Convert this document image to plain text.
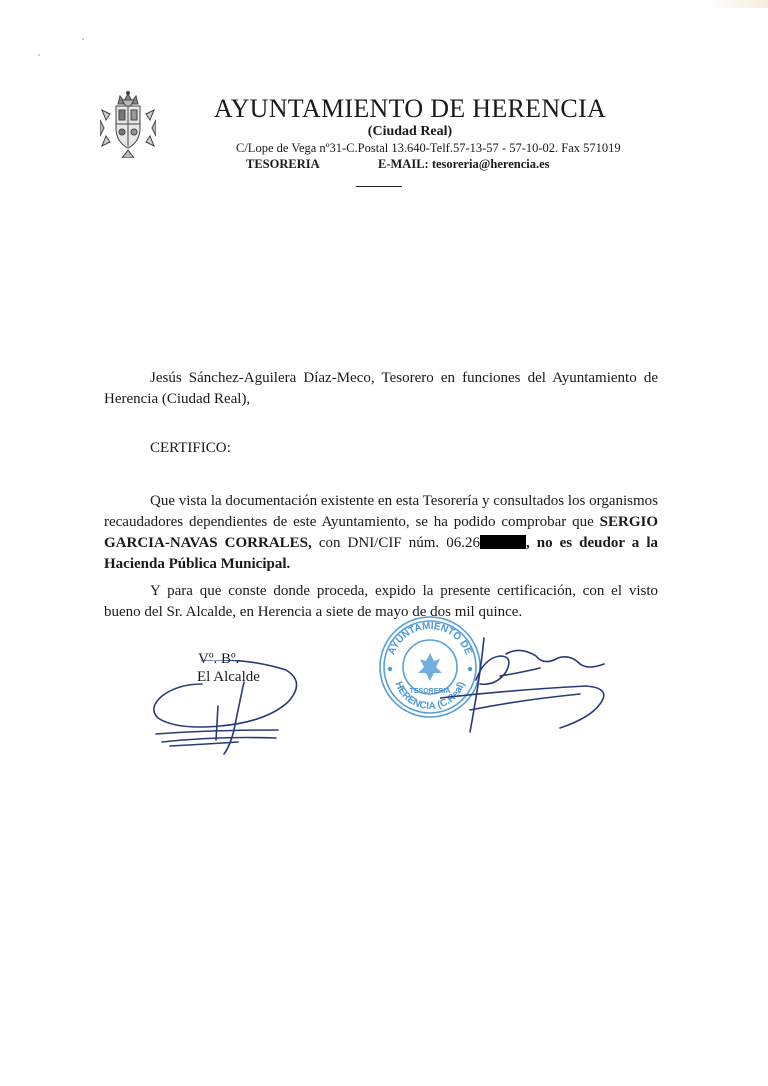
AYUNTAMIENTO DE HERENCIA
(Ciudad Real)
C/Lope de Vega nº31-C.Postal 13.640-Telf.57-13-57 - 57-10-02. Fax 571019
TESORERIA	E-MAIL: tesoreria@herencia.es
Jesús Sánchez-Aguilera Díaz-Meco, Tesorero en funciones del Ayuntamiento de Herencia (Ciudad Real),
CERTIFICO:
Que vista la documentación existente en esta Tesorería y consultados los organismos recaudadores dependientes de este Ayuntamiento, se ha podido comprobar que SERGIO GARCIA-NAVAS CORRALES, con DNI/CIF núm. 06.26	, no es deudor a la Hacienda Pública Municipal.
Y para que conste donde proceda, expido la presente certificación, con el visto bueno del Sr. Alcalde, en Herencia a siete de mayo de dos mil quince.
Vº. Bº.
El Alcalde
AYUNTAMIENTO DE
HERENCIA (C.Real)
TESORERIA
